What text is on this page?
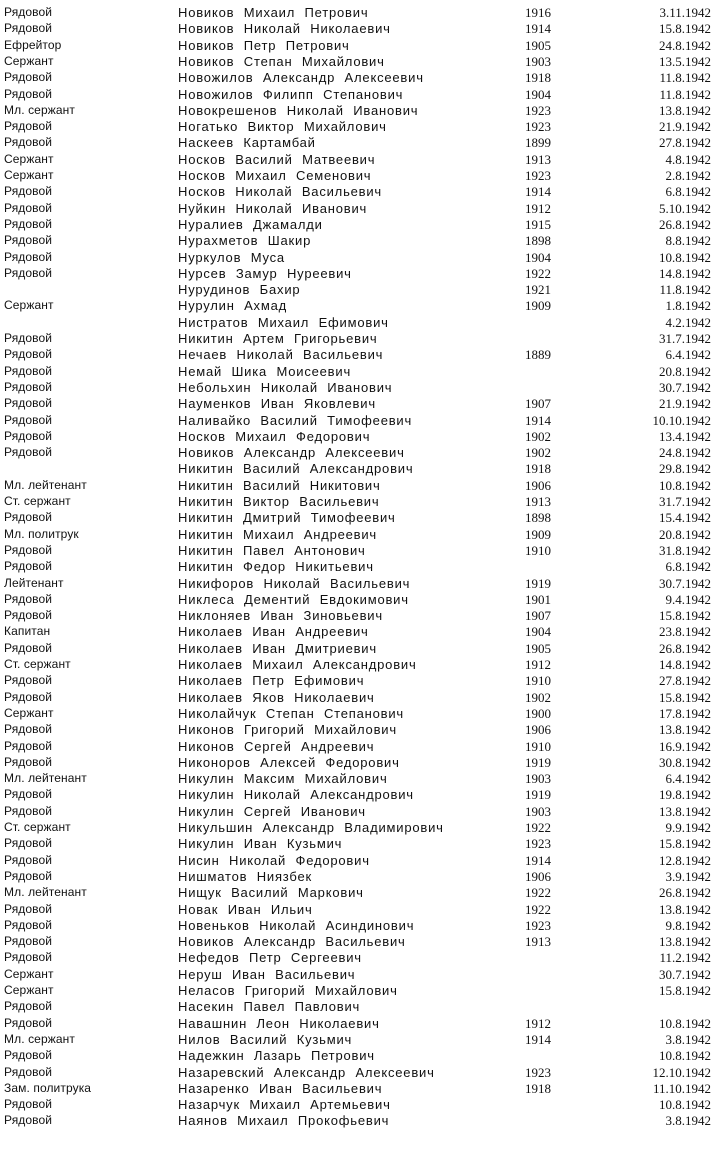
Рядовой	Новиков Михаил Петрович	1916	3.11.1942
Рядовой	Новиков Николай Николаевич	1914	15.8.1942
Ефрейтор	Новиков Петр Петрович	1905	24.8.1942
Сержант	Новиков Степан Михайлович	1903	13.5.1942
Рядовой	Новожилов Александр Алексеевич	1918	11.8.1942
Рядовой	Новожилов Филипп Степанович	1904	11.8.1942
Мл. сержант	Новокрешенов Николай Иванович	1923	13.8.1942
Рядовой	Ногатько Виктор Михайлович	1923	21.9.1942
Рядовой	Наскеев Картамбай	1899	27.8.1942
Сержант	Носков Василий Матвеевич	1913	4.8.1942
Сержант	Носков Михаил Семенович	1923	2.8.1942
Рядовой	Носков Николай Васильевич	1914	6.8.1942
Рядовой	Нуйкин Николай Иванович	1912	5.10.1942
Рядовой	Нуралиев Джамалди	1915	26.8.1942
Рядовой	Нурахметов Шакир	1898	8.8.1942
Рядовой	Нуркулов Муса	1904	10.8.1942
Рядовой	Нурсев Замур Нуреевич	1922	14.8.1942
Нурудинов Бахир	1921	11.8.1942
Сержант	Нурулин Ахмад	1909	1.8.1942
Нистратов Михаил Ефимович	4.2.1942
Рядовой	Никитин Артем Григорьевич	31.7.1942
Рядовой	Нечаев Николай Васильевич	1889	6.4.1942
Рядовой	Немай Шика Моисеевич	20.8.1942
Рядовой	Небольхин Николай Иванович	30.7.1942
Рядовой	Науменков Иван Яковлевич	1907	21.9.1942
Рядовой	Наливайко Василий Тимофеевич	1914	10.10.1942
Рядовой	Носков Михаил Федорович	1902	13.4.1942
Рядовой	Новиков Александр Алексеевич	1902	24.8.1942
Никитин Василий Александрович	1918	29.8.1942
Мл. лейтенант	Никитин Василий Никитович	1906	10.8.1942
Ст. сержант	Никитин Виктор Васильевич	1913	31.7.1942
Рядовой	Никитин Дмитрий Тимофеевич	1898	15.4.1942
Мл. политрук	Никитин Михаил Андреевич	1909	20.8.1942
Рядовой	Никитин Павел Антонович	1910	31.8.1942
Рядовой	Никитин Федор Никитьевич	6.8.1942
Лейтенант	Никифоров Николай Васильевич	1919	30.7.1942
Рядовой	Никлеса Дементий Евдокимович	1901	9.4.1942
Рядовой	Никлоняев Иван Зиновьевич	1907	15.8.1942
Капитан	Николаев Иван Андреевич	1904	23.8.1942
Рядовой	Николаев Иван Дмитриевич	1905	26.8.1942
Ст. сержант	Николаев Михаил Александрович	1912	14.8.1942
Рядовой	Николаев Петр Ефимович	1910	27.8.1942
Рядовой	Николаев Яков Николаевич	1902	15.8.1942
Сержант	Николайчук Степан Степанович	1900	17.8.1942
Рядовой	Никонов Григорий Михайлович	1906	13.8.1942
Рядовой	Никонов Сергей Андреевич	1910	16.9.1942
Рядовой	Никоноров Алексей Федорович	1919	30.8.1942
Мл. лейтенант	Никулин Максим Михайлович	1903	6.4.1942
Рядовой	Никулин Николай Александрович	1919	19.8.1942
Рядовой	Никулин Сергей Иванович	1903	13.8.1942
Ст. сержант	Никульшин Александр Владимирович	1922	9.9.1942
Рядовой	Никулин Иван Кузьмич	1923	15.8.1942
Рядовой	Нисин Николай Федорович	1914	12.8.1942
Рядовой	Нишматов Ниязбек	1906	3.9.1942
Мл. лейтенант	Нищук Василий Маркович	1922	26.8.1942
Рядовой	Новак Иван Ильич	1922	13.8.1942
Рядовой	Новеньков Николай Асиндинович	1923	9.8.1942
Рядовой	Новиков Александр Васильевич	1913	13.8.1942
Рядовой	Нефедов Петр Сергеевич	11.2.1942
Сержант	Неруш Иван Васильевич	30.7.1942
Сержант	Неласов Григорий Михайлович	15.8.1942
Рядовой	Насекин Павел Павлович
Рядовой	Навашнин Леон Николаевич	1912	10.8.1942
Мл. сержант	Нилов Василий Кузьмич	1914	3.8.1942
Рядовой	Надежкин Лазарь Петрович	10.8.1942
Рядовой	Назаревский Александр Алексеевич	1923	12.10.1942
Зам. политрука	Назаренко Иван Васильевич	1918	11.10.1942
Рядовой	Назарчук Михаил Артемьевич	10.8.1942
Рядовой	Наянов Михаил Прокофьевич	3.8.1942
